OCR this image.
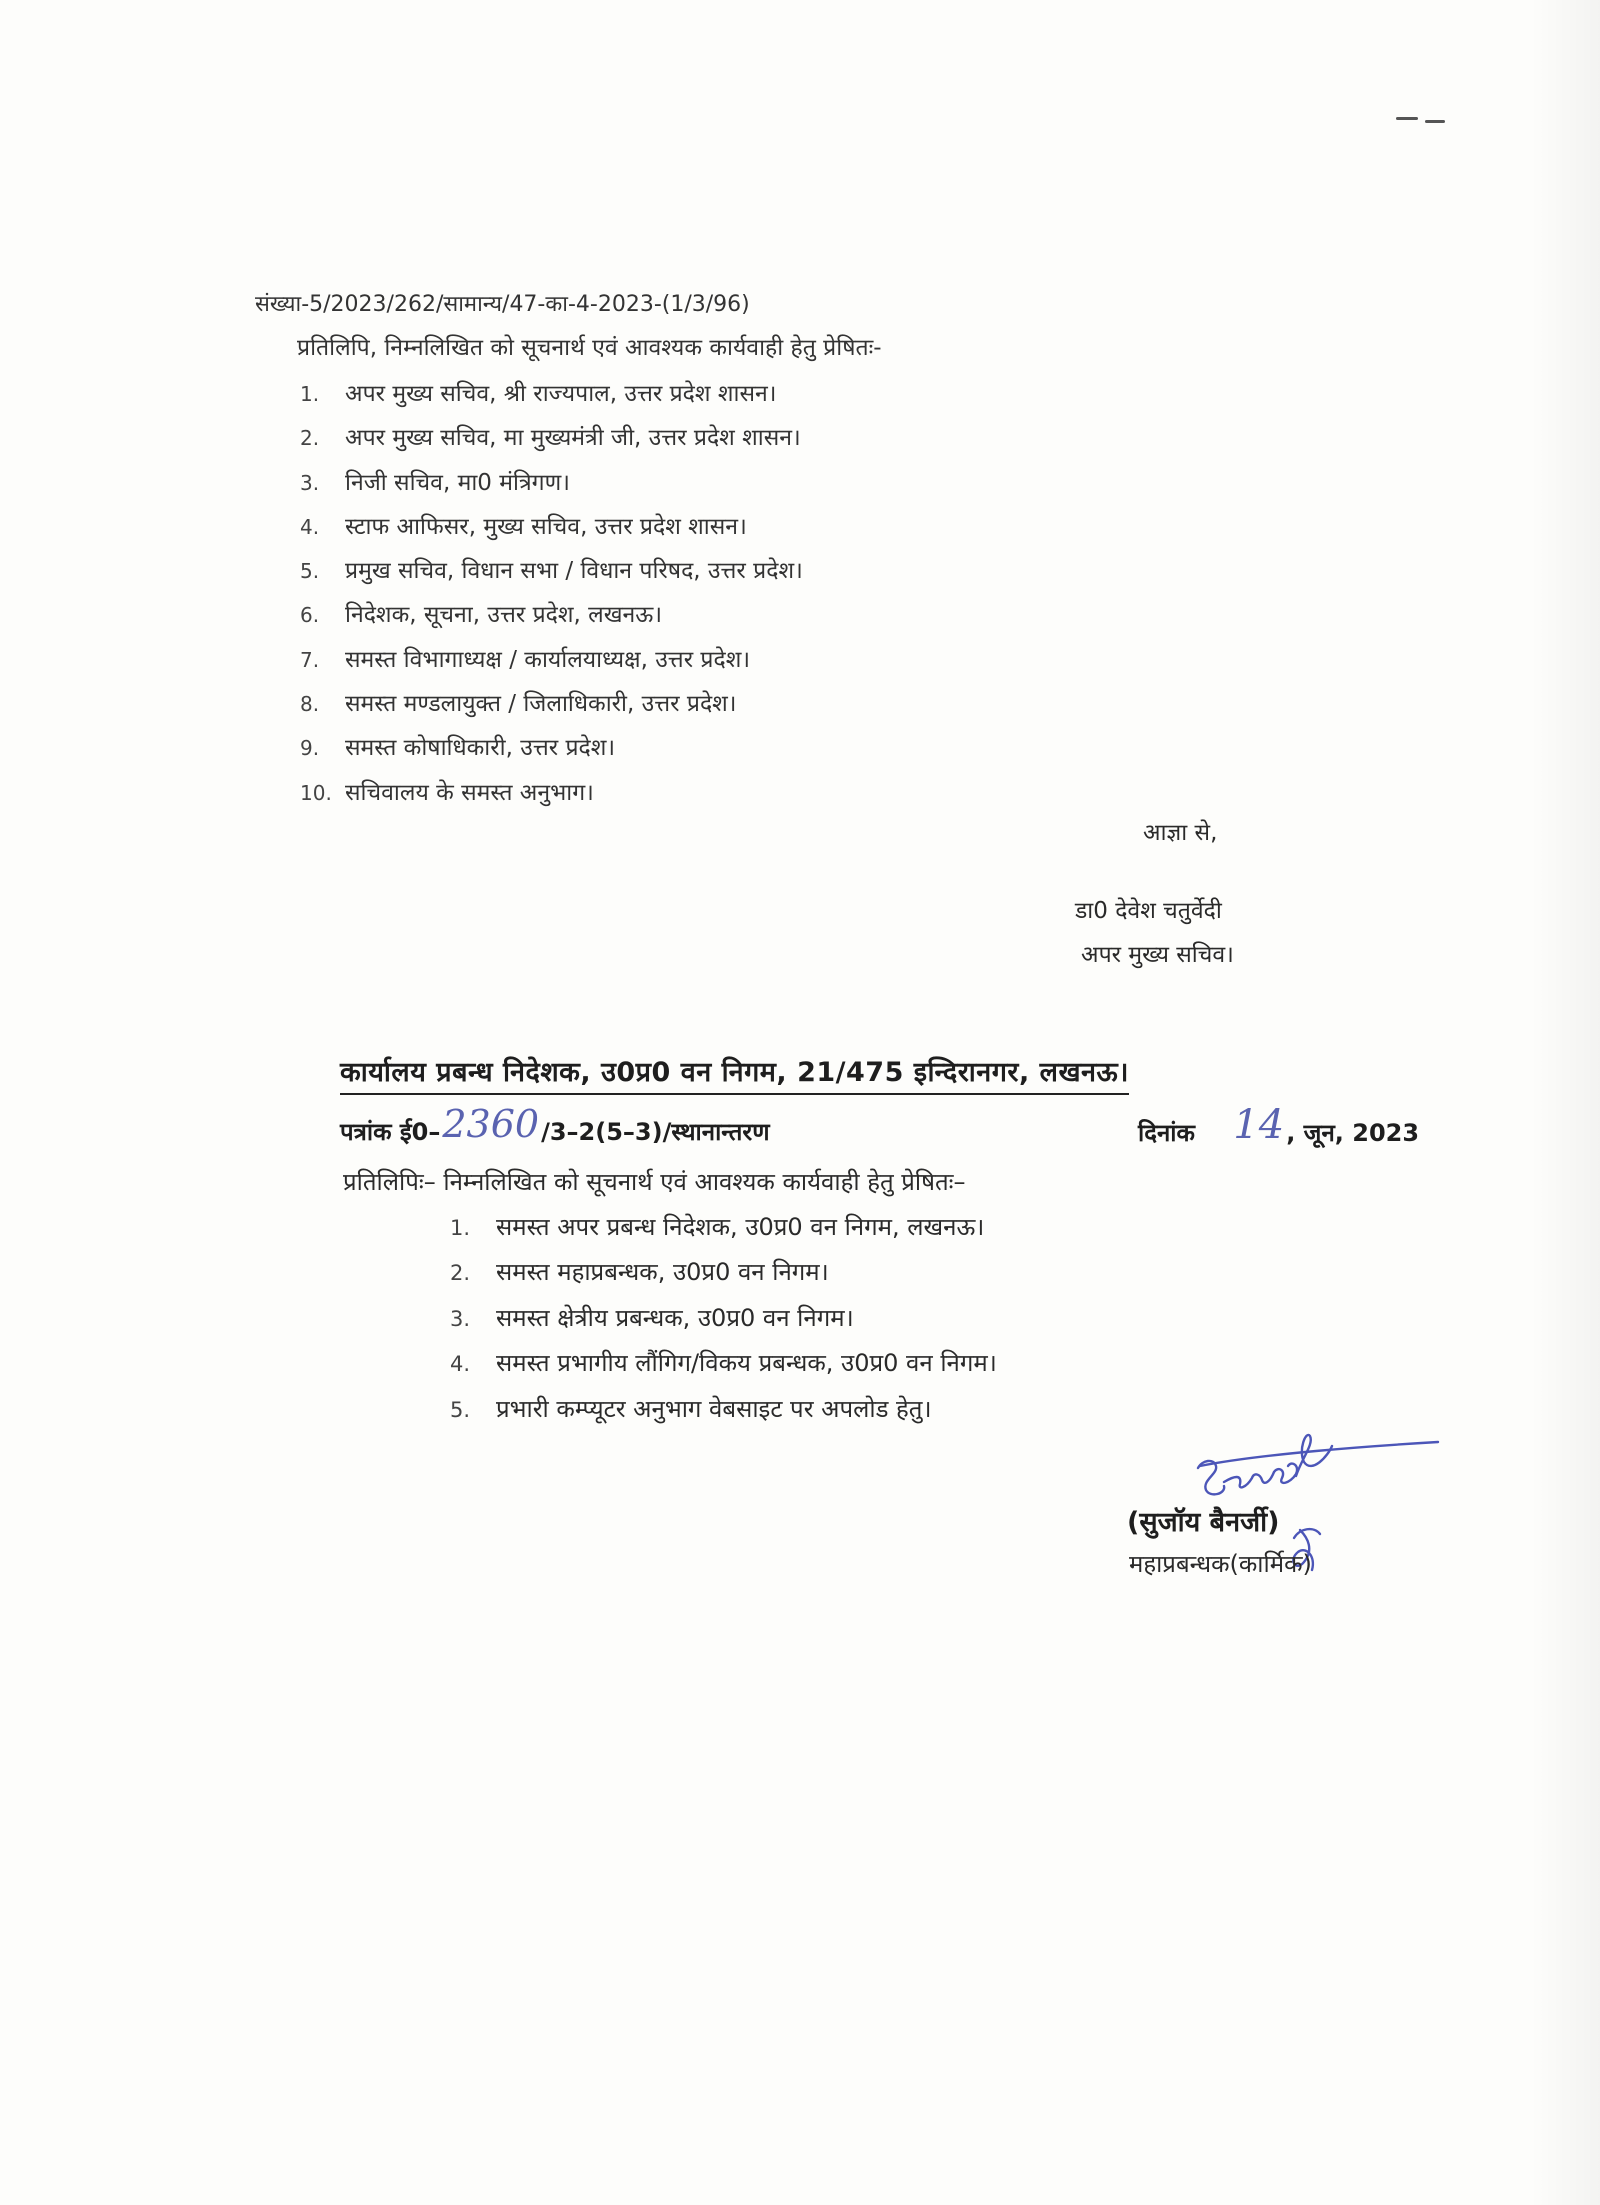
संख्या-5/2023/262/सामान्य/47-का-4-2023-(1/3/96)
प्रतिलिपि, निम्नलिखित को सूचनार्थ एवं आवश्यक कार्यवाही हेतु प्रेषितः-
1. अपर मुख्य सचिव, श्री राज्यपाल, उत्तर प्रदेश शासन।
2. अपर मुख्य सचिव, मा मुख्यमंत्री जी, उत्तर प्रदेश शासन।
3. निजी सचिव, मा0 मंत्रिगण।
4. स्टाफ आफिसर, मुख्य सचिव, उत्तर प्रदेश शासन।
5. प्रमुख सचिव, विधान सभा / विधान परिषद, उत्तर प्रदेश।
6. निदेशक, सूचना, उत्तर प्रदेश, लखनऊ।
7. समस्त विभागाध्यक्ष / कार्यालयाध्यक्ष, उत्तर प्रदेश।
8. समस्त मण्डलायुक्त / जिलाधिकारी, उत्तर प्रदेश।
9. समस्त कोषाधिकारी, उत्तर प्रदेश।
10. सचिवालय के समस्त अनुभाग।
आज्ञा से,
डा0 देवेश चतुर्वेदी
अपर मुख्य सचिव।
कार्यालय प्रबन्ध निदेशक, उ0प्र0 वन निगम, 21/475 इन्दिरानगर, लखनऊ।
पत्रांक ई0–2360/3–2(5–3)/स्थानान्तरण	दिनांक 14, जून, 2023
प्रतिलिपिः– निम्नलिखित को सूचनार्थ एवं आवश्यक कार्यवाही हेतु प्रेषितः–
1. समस्त अपर प्रबन्ध निदेशक, उ0प्र0 वन निगम, लखनऊ।
2. समस्त महाप्रबन्धक, उ0प्र0 वन निगम।
3. समस्त क्षेत्रीय प्रबन्धक, उ0प्र0 वन निगम।
4. समस्त प्रभागीय लौंगिग/विकय प्रबन्धक, उ0प्र0 वन निगम।
5. प्रभारी कम्प्यूटर अनुभाग वेबसाइट पर अपलोड हेतु।
(सुजॉय बैनर्जी)
महाप्रबन्धक(कार्मिक)
